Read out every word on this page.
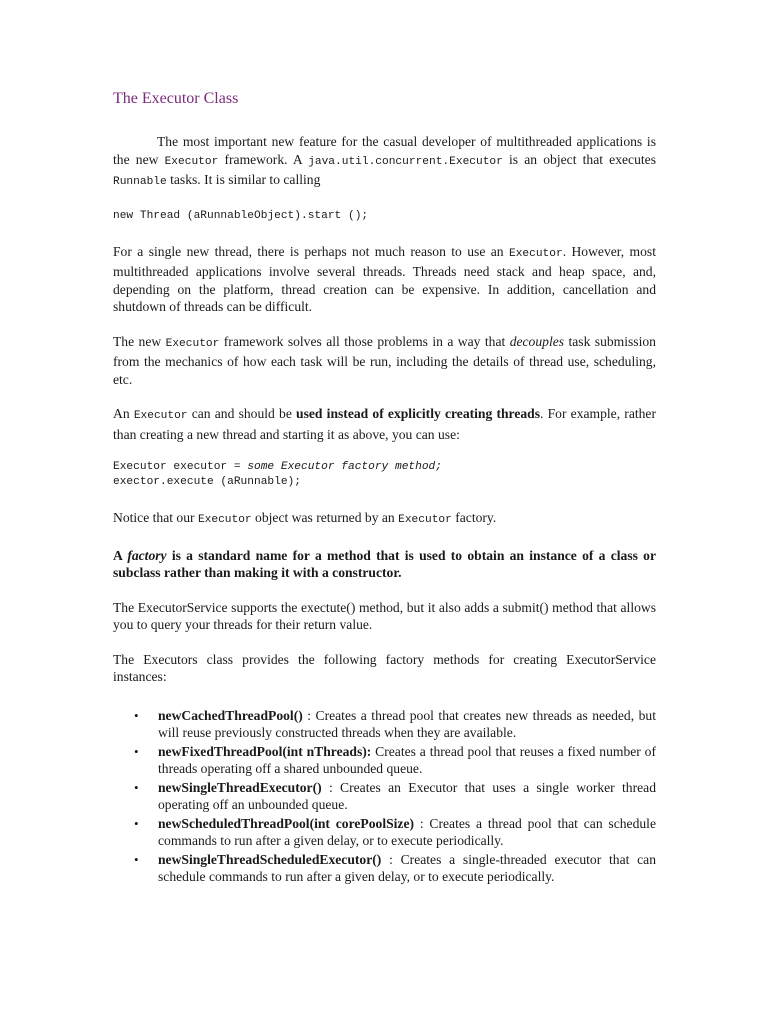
The Executor Class

The most important new feature for the casual developer of multithreaded applications is the new Executor framework. A java.util.concurrent.Executor is an object that executes Runnable tasks. It is similar to calling

new Thread (aRunnableObject).start ();

For a single new thread, there is perhaps not much reason to use an Executor. However, most multithreaded applications involve several threads. Threads need stack and heap space, and, depending on the platform, thread creation can be expensive. In addition, cancellation and shutdown of threads can be difficult.

The new Executor framework solves all those problems in a way that decouples task submission from the mechanics of how each task will be run, including the details of thread use, scheduling, etc.

An Executor can and should be used instead of explicitly creating threads. For example, rather than creating a new thread and starting it as above, you can use:

Executor executor = some Executor factory method;
exector.execute (aRunnable);

Notice that our Executor object was returned by an Executor factory.

A factory is a standard name for a method that is used to obtain an instance of a class or subclass rather than making it with a constructor.

The ExecutorService supports the exectute() method, but it also adds a submit() method that allows you to query your threads for their return value.

The Executors class provides the following factory methods for creating ExecutorService instances:

• newCachedThreadPool() : Creates a thread pool that creates new threads as needed, but will reuse previously constructed threads when they are available.
• newFixedThreadPool(int nThreads): Creates a thread pool that reuses a fixed number of threads operating off a shared unbounded queue.
• newSingleThreadExecutor() : Creates an Executor that uses a single worker thread operating off an unbounded queue.
• newScheduledThreadPool(int corePoolSize) : Creates a thread pool that can schedule commands to run after a given delay, or to execute periodically.
• newSingleThreadScheduledExecutor() : Creates a single-threaded executor that can schedule commands to run after a given delay, or to execute periodically.
